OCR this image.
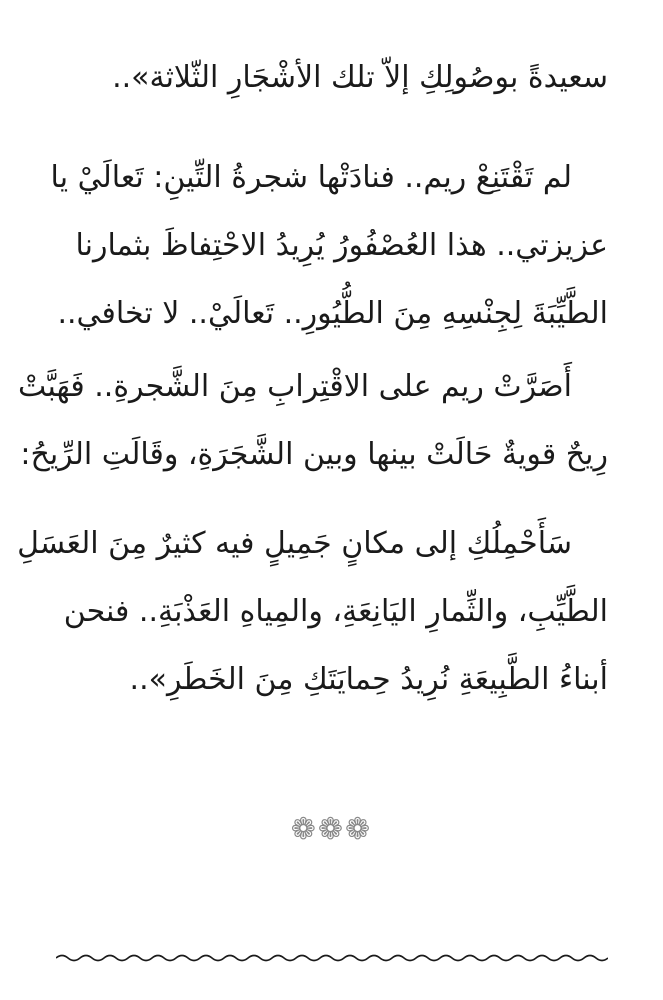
سعيدةً بوصُولِكِ إلاّ تلك الأشْجَارِ الثّلاثة»..

لم تَقْتَنِعْ ريم.. فنادَتْها شجرةُ التِّينِ: تَعالَيْ يا
عزيزتي.. هذا العُصْفُورُ يُرِيدُ الاحْتِفاظَ بثمارنا
الطَّيِّبَةَ لِجِنْسِهِ مِنَ الطُّيُورِ.. تَعالَيْ.. لا تخافي..

أَصَرَّتْ ريم على الاقْتِرابِ مِنَ الشَّجرةِ.. فَهَبَّتْ
رِيحٌ قويةٌ حَالَتْ بينها وبين الشَّجَرَةِ، وقَالَتِ الرِّيحُ:

سَأَحْمِلُكِ إلى مكانٍ جَمِيلٍ فيه كثيرٌ مِنَ العَسَلِ
الطَّيِّبِ، والثِّمارِ اليَانِعَةِ، والمِياهِ العَذْبَةِ.. فنحن
أبناءُ الطَّبِيعَةِ نُرِيدُ حِمايَتَكِ مِنَ الخَطَرِ»..

❁❁❁
